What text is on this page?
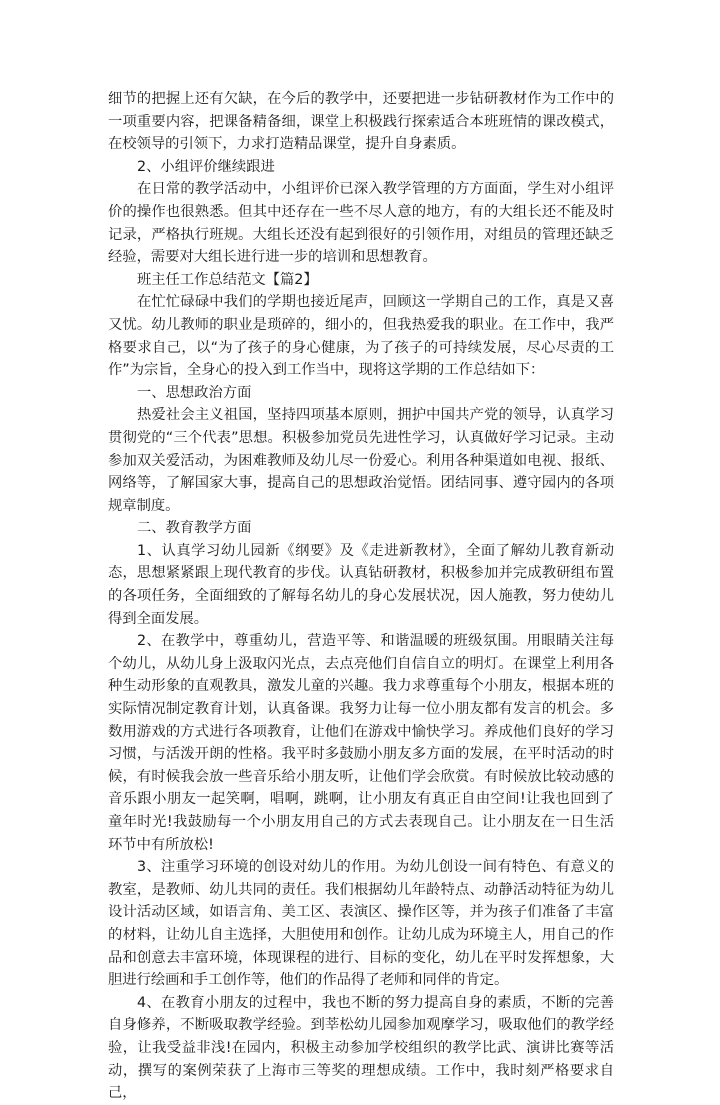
细节的把握上还有欠缺，在今后的教学中，还要把进一步钻研教材作为工作中的一项重要内容，把课备精备细，课堂上积极践行探索适合本班班情的课改模式，在校领导的引领下，力求打造精品课堂，提升自身素质。

2、小组评价继续跟进

在日常的教学活动中，小组评价已深入教学管理的方方面面，学生对小组评价的操作也很熟悉。但其中还存在一些不尽人意的地方，有的大组长还不能及时记录，严格执行班规。大组长还没有起到很好的引领作用，对组员的管理还缺乏经验，需要对大组长进行进一步的培训和思想教育。

班主任工作总结范文【篇2】

在忙忙碌碌中我们的学期也接近尾声，回顾这一学期自己的工作，真是又喜又忧。幼儿教师的职业是琐碎的，细小的，但我热爱我的职业。在工作中，我严格要求自己，以“为了孩子的身心健康，为了孩子的可持续发展，尽心尽责的工作”为宗旨，全身心的投入到工作当中，现将这学期的工作总结如下：

一、思想政治方面

热爱社会主义祖国，坚持四项基本原则，拥护中国共产党的领导，认真学习贯彻党的“三个代表”思想。积极参加党员先进性学习，认真做好学习记录。主动参加双关爱活动，为困难教师及幼儿尽一份爱心。利用各种渠道如电视、报纸、网络等，了解国家大事，提高自己的思想政治觉悟。团结同事、遵守园内的各项规章制度。

二、教育教学方面

1、认真学习幼儿园新《纲要》及《走进新教材》，全面了解幼儿教育新动态，思想紧紧跟上现代教育的步伐。认真钻研教材，积极参加并完成教研组布置的各项任务，全面细致的了解每名幼儿的身心发展状况，因人施教，努力使幼儿得到全面发展。

2、在教学中，尊重幼儿，营造平等、和谐温暖的班级氛围。用眼睛关注每个幼儿，从幼儿身上汲取闪光点，去点亮他们自信自立的明灯。在课堂上利用各种生动形象的直观教具，激发儿童的兴趣。我力求尊重每个小朋友，根据本班的实际情况制定教育计划，认真备课。我努力让每一位小朋友都有发言的机会。多数用游戏的方式进行各项教育，让他们在游戏中愉快学习。养成他们良好的学习习惯，与活泼开朗的性格。我平时多鼓励小朋友多方面的发展，在平时活动的时候，有时候我会放一些音乐给小朋友听，让他们学会欣赏。有时候放比较动感的音乐跟小朋友一起笑啊，唱啊，跳啊，让小朋友有真正自由空间!让我也回到了童年时光!我鼓励每一个小朋友用自己的方式去表现自己。让小朋友在一日生活环节中有所放松!

3、注重学习环境的创设对幼儿的作用。为幼儿创设一间有特色、有意义的教室，是教师、幼儿共同的责任。我们根据幼儿年龄特点、动静活动特征为幼儿设计活动区域，如语言角、美工区、表演区、操作区等，并为孩子们准备了丰富的材料，让幼儿自主选择，大胆使用和创作。让幼儿成为环境主人，用自己的作品和创意去丰富环境，体现课程的进行、目标的变化，幼儿在平时发挥想象，大胆进行绘画和手工创作等，他们的作品得了老师和同伴的肯定。

4、在教育小朋友的过程中，我也不断的努力提高自身的素质，不断的完善自身修养，不断吸取教学经验。到莘松幼儿园参加观摩学习，吸取他们的教学经验，让我受益非浅!在园内，积极主动参加学校组织的教学比武、演讲比赛等活动，撰写的案例荣获了上海市三等奖的理想成绩。工作中，我时刻严格要求自己，
